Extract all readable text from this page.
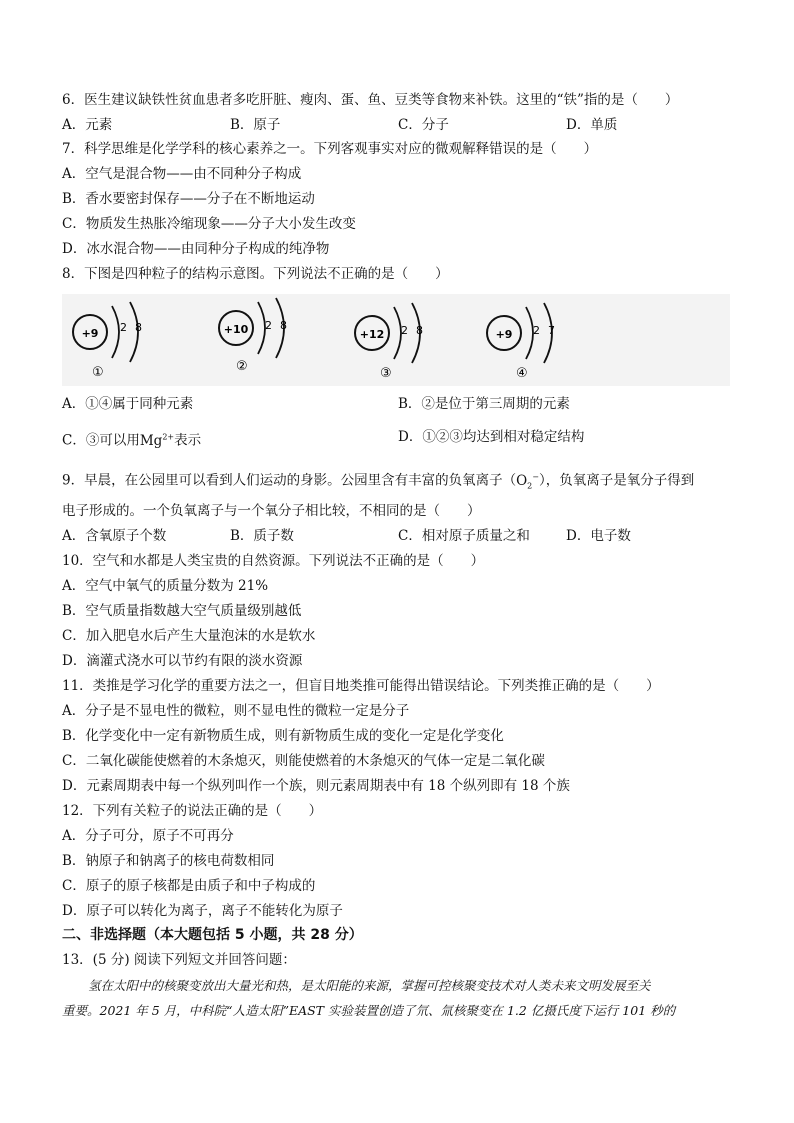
6．医生建议缺铁性贫血患者多吃肝脏、瘦肉、蛋、鱼、豆类等食物来补铁。这里的“铁”指的是（　　）
A．元素	B．原子	C．分子	D．单质
7．科学思维是化学学科的核心素养之一。下列客观事实对应的微观解释错误的是（　　）
A．空气是混合物——由不同种分子构成
B．香水要密封保存——分子在不断地运动
C．物质发生热胀冷缩现象——分子大小发生改变
D．冰水混合物——由同种分子构成的纯净物
8．下图是四种粒子的结构示意图。下列说法不正确的是（　　）
+9 2 8
①
+10 2 8
②
+12 2 8
③
+9 2 7
④
A．①④属于同种元素	B．②是位于第三周期的元素
C．③可以用$Mg^{2+}$表示	D．①②③均达到相对稳定结构
9．早晨，在公园里可以看到人们运动的身影。公园里含有丰富的负氧离子$(O_2^-)$，负氧离子是氧分子得到
电子形成的。一个负氧离子与一个氧分子相比较，不相同的是（　　）
A．含氧原子个数	B．质子数	C．相对原子质量之和	D．电子数
10．空气和水都是人类宝贵的自然资源。下列说法不正确的是（　　）
A．空气中氧气的质量分数为 21%
B．空气质量指数越大空气质量级别越低
C．加入肥皂水后产生大量泡沫的水是软水
D．滴灌式浇水可以节约有限的淡水资源
11．类推是学习化学的重要方法之一，但盲目地类推可能得出错误结论。下列类推正确的是（　　）
A．分子是不显电性的微粒，则不显电性的微粒一定是分子
B．化学变化中一定有新物质生成，则有新物质生成的变化一定是化学变化
C．二氧化碳能使燃着的木条熄灭，则能使燃着的木条熄灭的气体一定是二氧化碳
D．元素周期表中每一个纵列叫作一个族，则元素周期表中有 18 个纵列即有 18 个族
12．下列有关粒子的说法正确的是（　　）
A．分子可分，原子不可再分
B．钠原子和钠离子的核电荷数相同
C．原子的原子核都是由质子和中子构成的
D．原子可以转化为离子，离子不能转化为原子
二、非选择题（本大题包括 5 小题，共 28 分）
13．(5 分) 阅读下列短文并回答问题：
氢在太阳中的核聚变放出大量光和热，是太阳能的来源，掌握可控核聚变技术对人类未来文明发展至关
重要。2021 年 5 月，中科院“人造太阳”EAST 实验装置创造了氘、氚核聚变在 1.2 亿摄氏度下运行 101 秒的
